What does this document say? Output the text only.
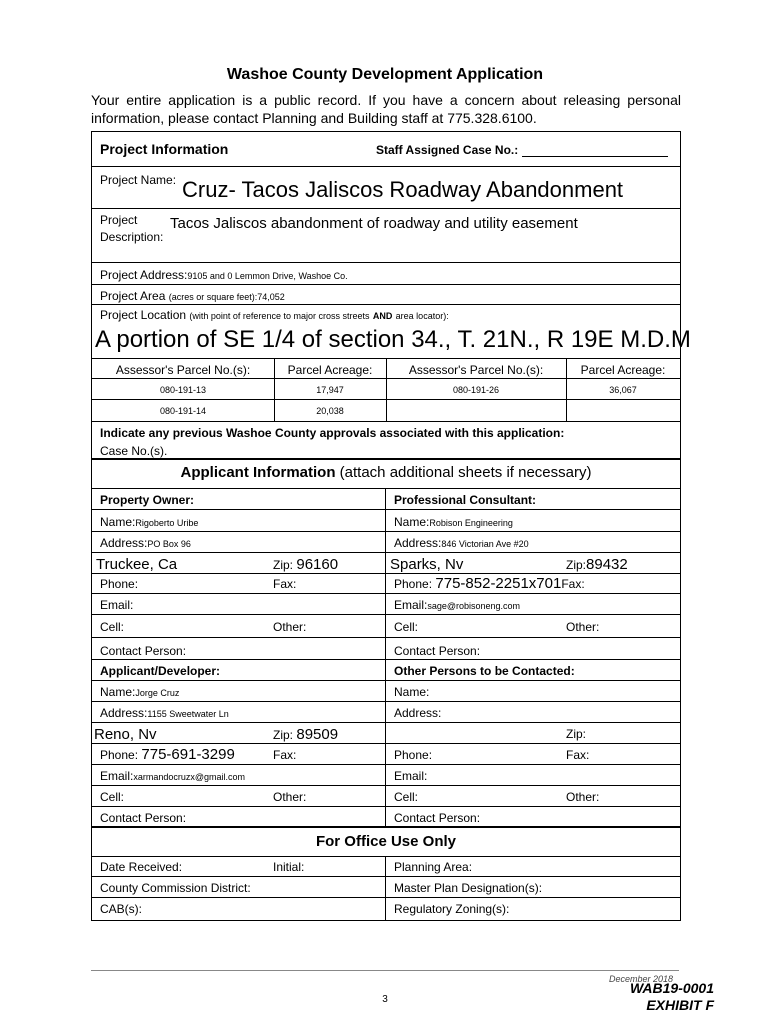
Washoe County Development Application
Your entire application is a public record. If you have a concern about releasing personal information, please contact Planning and Building staff at 775.328.6100.
Project Information	Staff Assigned Case No.:
Project Name: Cruz- Tacos Jaliscos Roadway Abandonment
Project
Description:
Tacos Jaliscos abandonment of roadway and utility easement
Project Address:9105 and 0 Lemmon Drive, Washoe Co.
Project Area (acres or square feet):74,052
Project Location (with point of reference to major cross streets AND area locator):
A portion of SE 1/4 of section 34., T. 21N., R 19E M.D.M
Assessor's Parcel No.(s):	Parcel Acreage:	Assessor's Parcel No.(s):	Parcel Acreage:
080-191-13	17,947	080-191-26	36,067
080-191-14	20,038
Indicate any previous Washoe County approvals associated with this application:
Case No.(s).
Applicant Information (attach additional sheets if necessary)
Property Owner:	Professional Consultant:
Name:Rigoberto Uribe	Name:Robison Engineering
Address:PO Box 96	Address:846 Victorian Ave #20
Truckee, Ca	Zip: 96160	Sparks, Nv	Zip:89432
Phone:	Fax:	Phone: 775-852-2251x701Fax:
Email:	Email:sage@robisoneng.com
Cell:	Other:	Cell:	Other:
Contact Person:	Contact Person:
Applicant/Developer:	Other Persons to be Contacted:
Name:Jorge Cruz	Name:
Address:1155 Sweetwater Ln	Address:
Reno, Nv	Zip: 89509	Zip:
Phone: 775-691-3299	Fax:	Phone:	Fax:
Email:xarmandocruzx@gmail.com	Email:
Cell:	Other:	Cell:	Other:
Contact Person:	Contact Person:
For Office Use Only
Date Received:	Initial:	Planning Area:
County Commission District:	Master Plan Designation(s):
CAB(s):	Regulatory Zoning(s):
December 2018
3
WAB19-0001
EXHIBIT F
